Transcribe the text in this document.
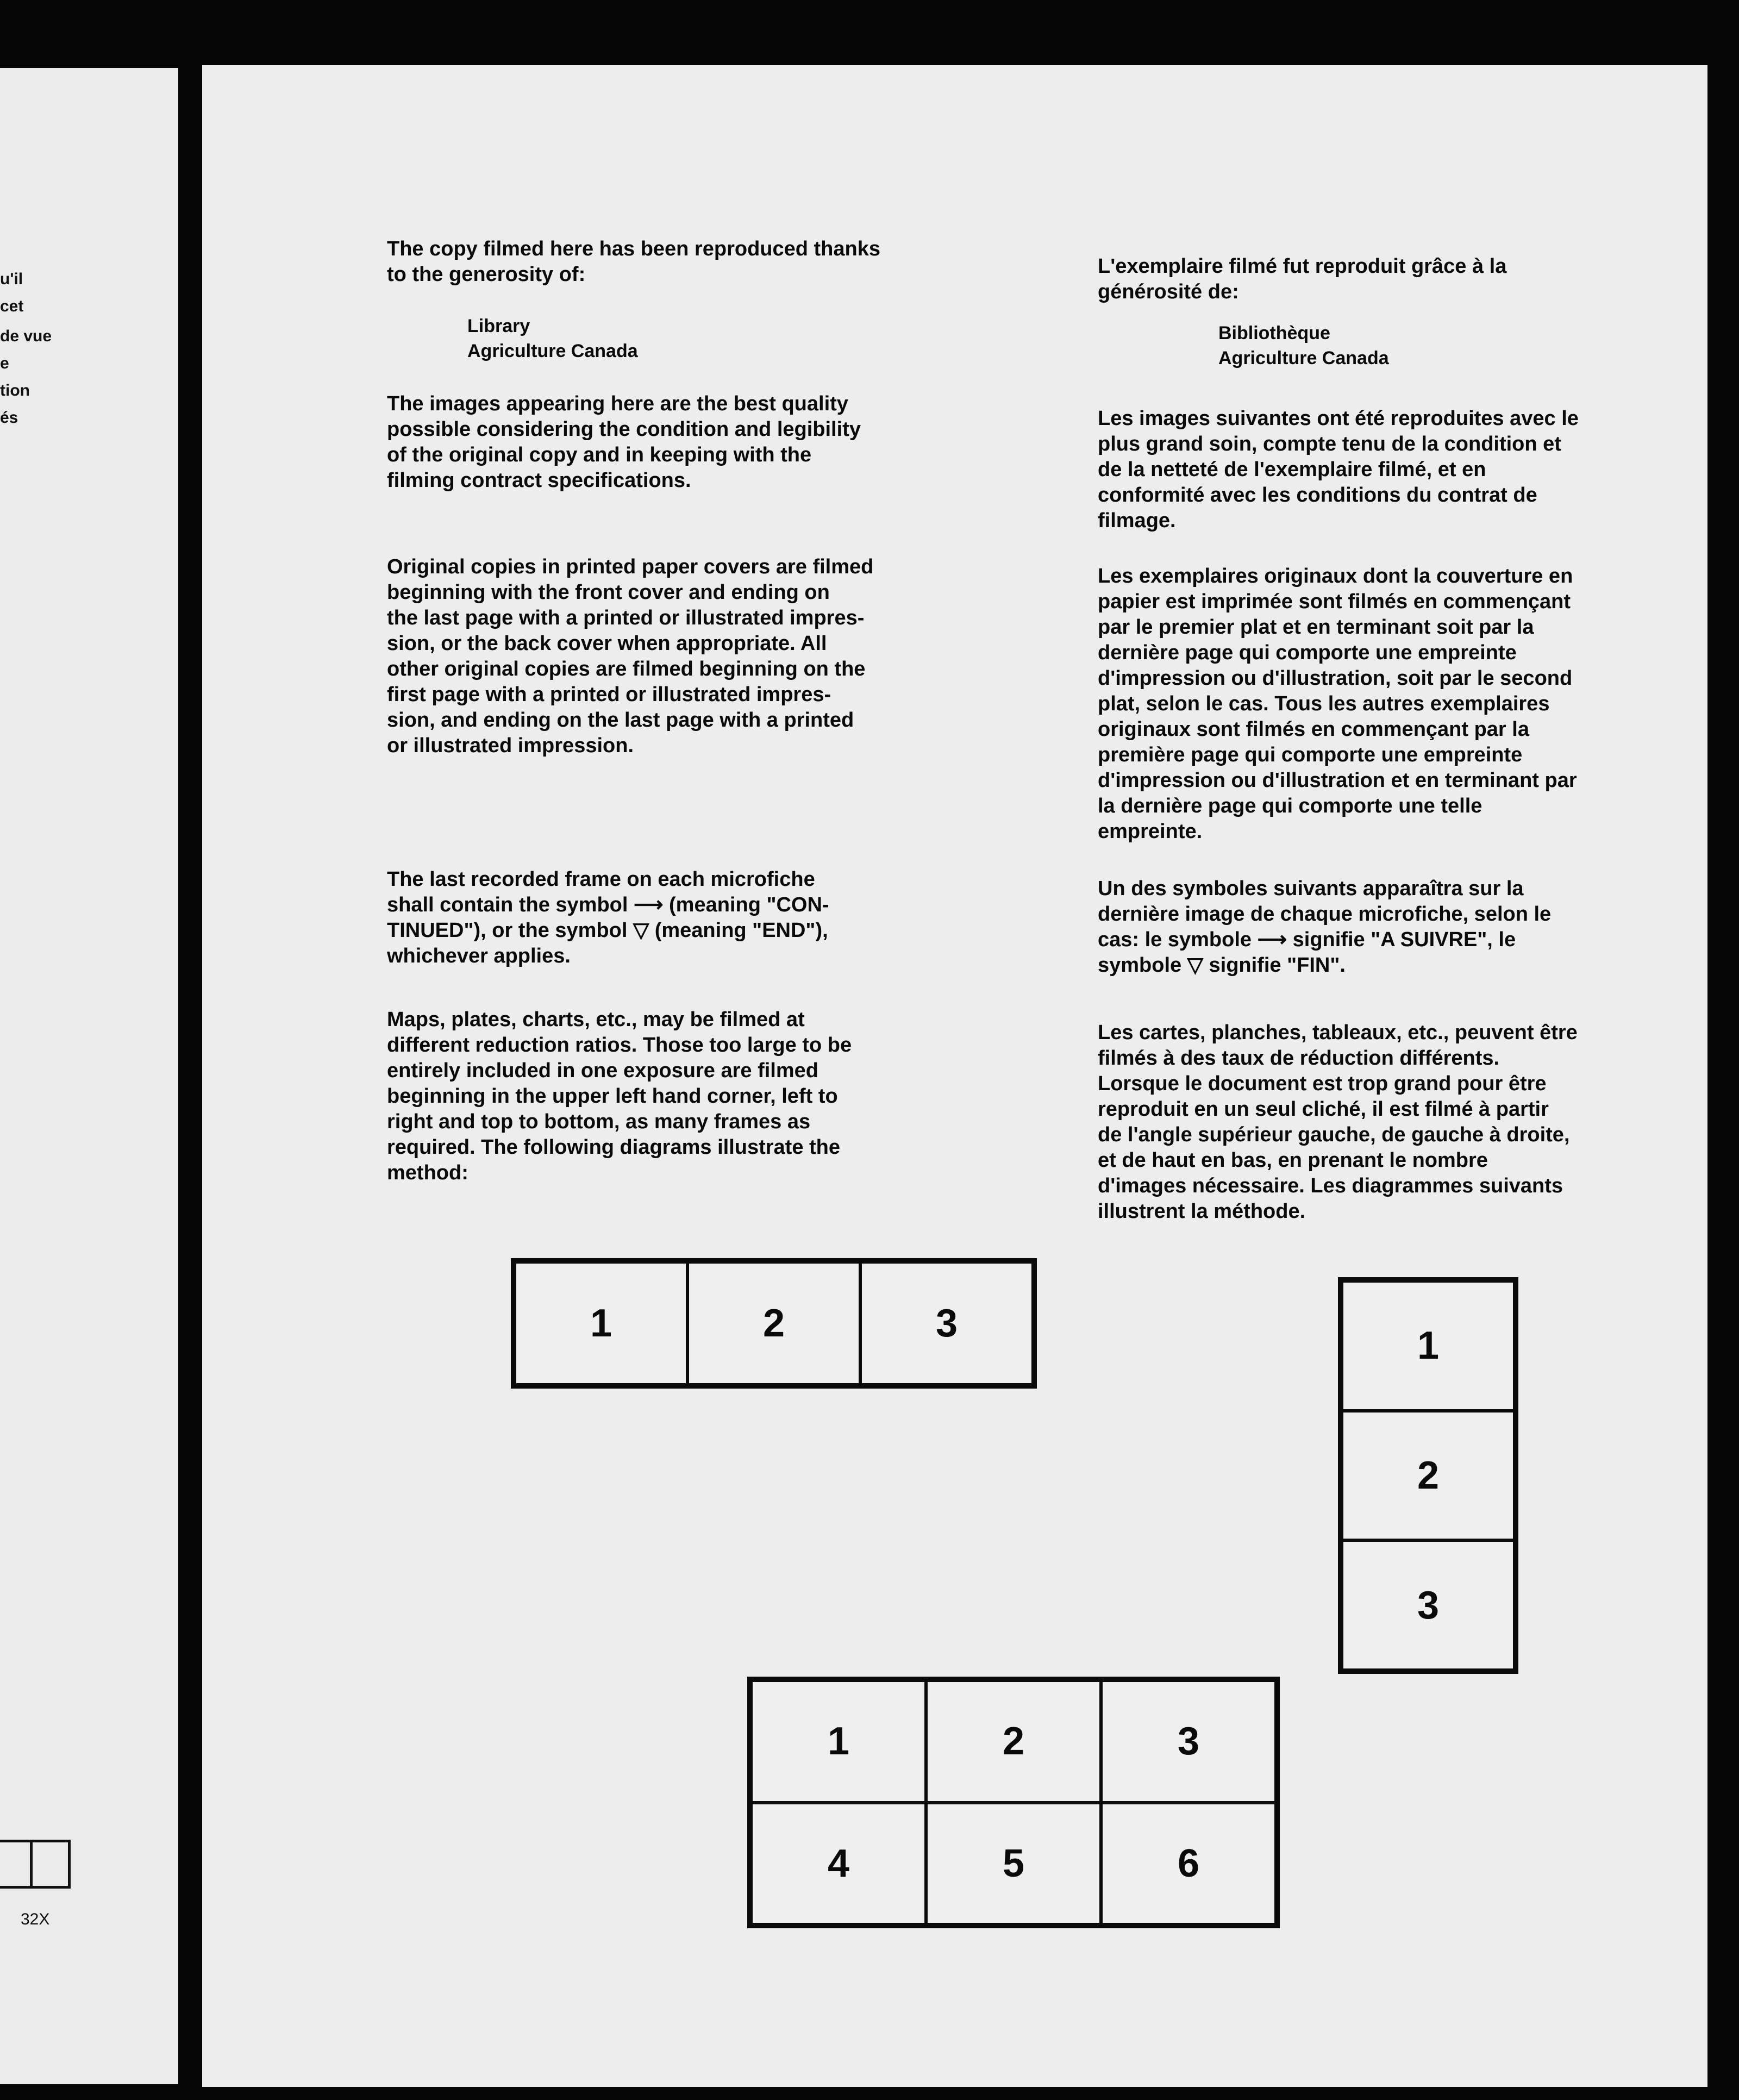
u'il
cet
de vue
e
tion
és
32X
The copy filmed here has been reproduced thanks
to the generosity of:
Library
Agriculture Canada
The images appearing here are the best quality
possible considering the condition and legibility
of the original copy and in keeping with the
filming contract specifications.
Original copies in printed paper covers are filmed
beginning with the front cover and ending on
the last page with a printed or illustrated impres-
sion, or the back cover when appropriate. All
other original copies are filmed beginning on the
first page with a printed or illustrated impres-
sion, and ending on the last page with a printed
or illustrated impression.
The last recorded frame on each microfiche
shall contain the symbol ⟶ (meaning "CON-
TINUED"), or the symbol ▽ (meaning "END"),
whichever applies.
Maps, plates, charts, etc., may be filmed at
different reduction ratios. Those too large to be
entirely included in one exposure are filmed
beginning in the upper left hand corner, left to
right and top to bottom, as many frames as
required. The following diagrams illustrate the
method:
L'exemplaire filmé fut reproduit grâce à la
générosité de:
Bibliothèque
Agriculture Canada
Les images suivantes ont été reproduites avec le
plus grand soin, compte tenu de la condition et
de la netteté de l'exemplaire filmé, et en
conformité avec les conditions du contrat de
filmage.
Les exemplaires originaux dont la couverture en
papier est imprimée sont filmés en commençant
par le premier plat et en terminant soit par la
dernière page qui comporte une empreinte
d'impression ou d'illustration, soit par le second
plat, selon le cas. Tous les autres exemplaires
originaux sont filmés en commençant par la
première page qui comporte une empreinte
d'impression ou d'illustration et en terminant par
la dernière page qui comporte une telle
empreinte.
Un des symboles suivants apparaîtra sur la
dernière image de chaque microfiche, selon le
cas: le symbole ⟶ signifie "A SUIVRE", le
symbole ▽ signifie "FIN".
Les cartes, planches, tableaux, etc., peuvent être
filmés à des taux de réduction différents.
Lorsque le document est trop grand pour être
reproduit en un seul cliché, il est filmé à partir
de l'angle supérieur gauche, de gauche à droite,
et de haut en bas, en prenant le nombre
d'images nécessaire. Les diagrammes suivants
illustrent la méthode.
1	2	3
1
2
3
1	2	3
4	5	6
